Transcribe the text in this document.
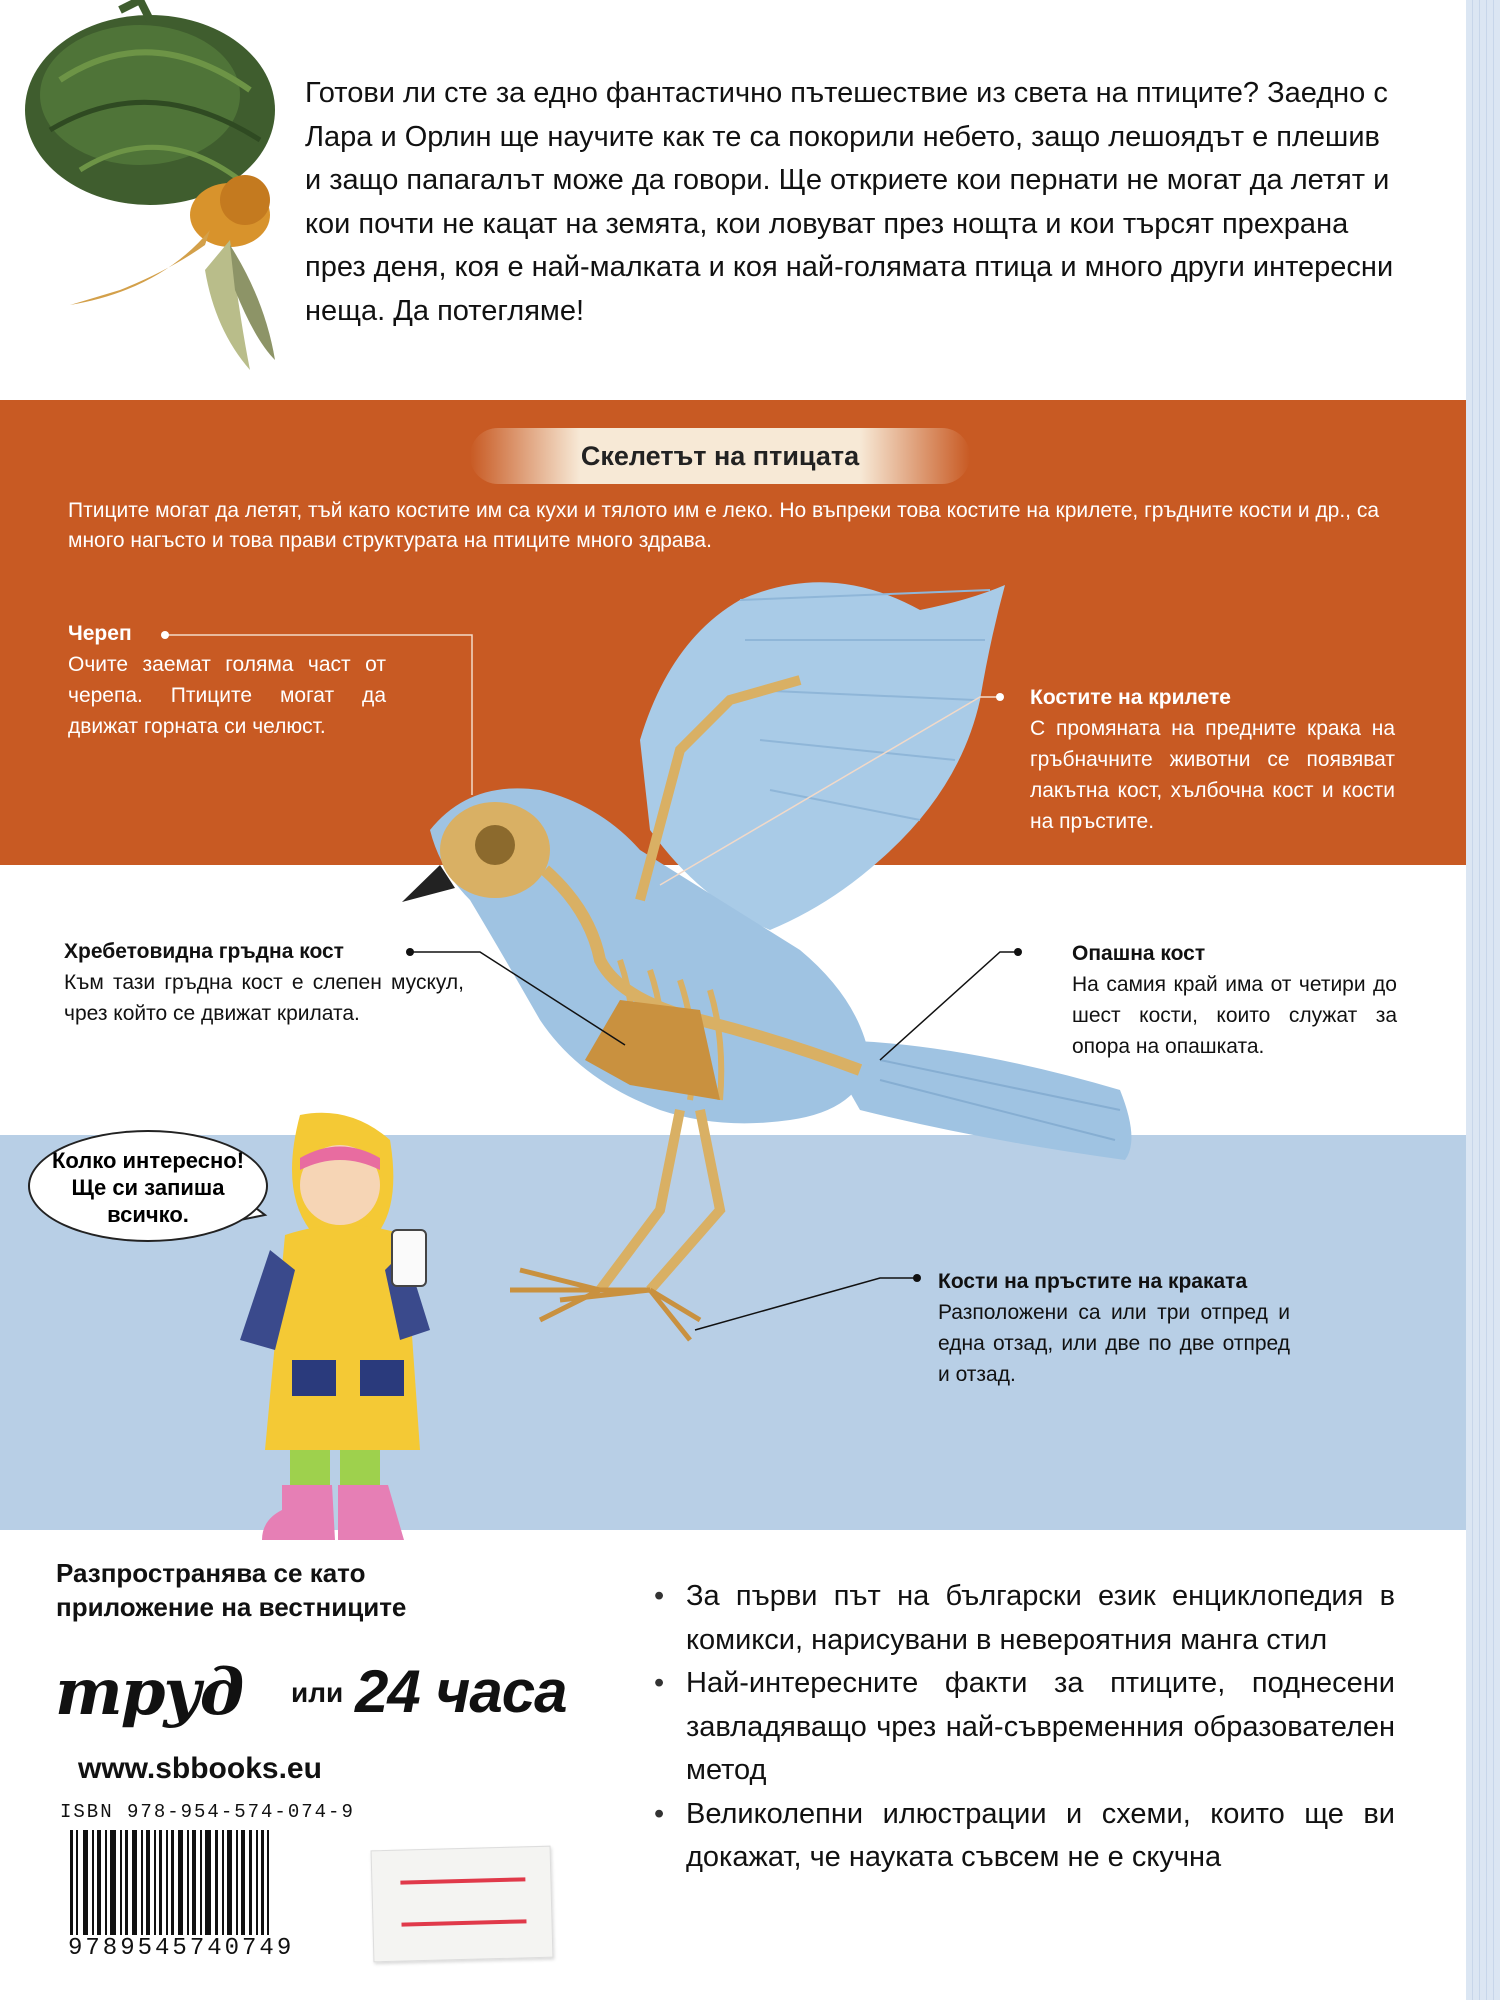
Готови ли сте за едно фантастично пътешествие из света на птиците? Заедно с Лара и Орлин ще научите как те са покорили небето, защо лешоядът е плешив и защо папагалът може да говори. Ще откриете кои пернати не могат да летят и кои почти не кацат на земята, кои ловуват през нощта и кои търсят прехрана през деня, коя е най-малката и коя най-голямата птица и много други интересни неща. Да потегляме!
Скелетът на птицата
Птиците могат да летят, тъй като костите им са кухи и тялото им е леко. Но въпреки това костите на крилете, гръдните кости и др., са много нагъсто и това прави структурата на птиците много здрава.
Череп
Очите заемат голяма част от черепа. Птиците могат да движат горната си челюст.
Костите на крилете
С промяната на предните крака на гръбначните животни се появяват лакътна кост, хълбочна кост и кости на пръстите.
Хребетовидна гръдна кост
Към тази гръдна кост е слепен мускул, чрез който се движат крилата.
Опашна кост
На самия край има от четири до шест кости, които служат за опора на опашката.
Кости на пръстите на краката
Разположени са или три отпред и една отзад, или две по две отпред и отзад.
Колко интересно!
Ще си запиша
всичко.
Разпространява се като приложение на вестниците
труд или 24 часа
www.sbbooks.eu
ISBN 978-954-574-074-9
9789545740749
• За първи път на български език енциклопедия в комикси, нарисувани в невероятния манга стил
• Най-интересните факти за птиците, поднесени завладяващо чрез най-съвременния образователен метод
• Великолепни илюстрации и схеми, които ще ви докажат, че науката съвсем не е скучна
